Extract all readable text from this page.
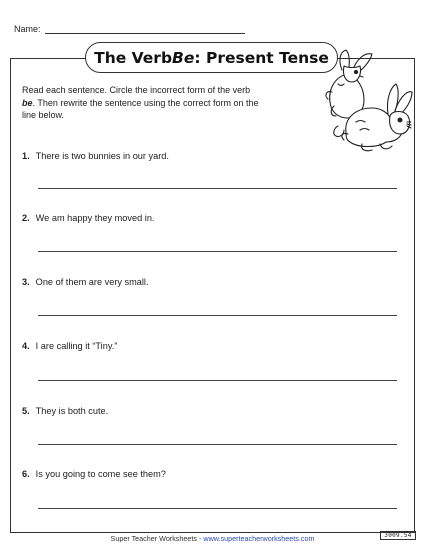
Name:
The Verb Be : Present Tense
Read each sentence. Circle the incorrect form of the verb be. Then rewrite the sentence using the correct form on the line below.
1. There is two bunnies in our yard.
2. We am happy they moved in.
3. One of them are very small.
4. I are calling it “Tiny.”
5. They is both cute.
6. Is you going to come see them?
Super Teacher Worksheets - www.superteacherworksheets.com	3009.54
